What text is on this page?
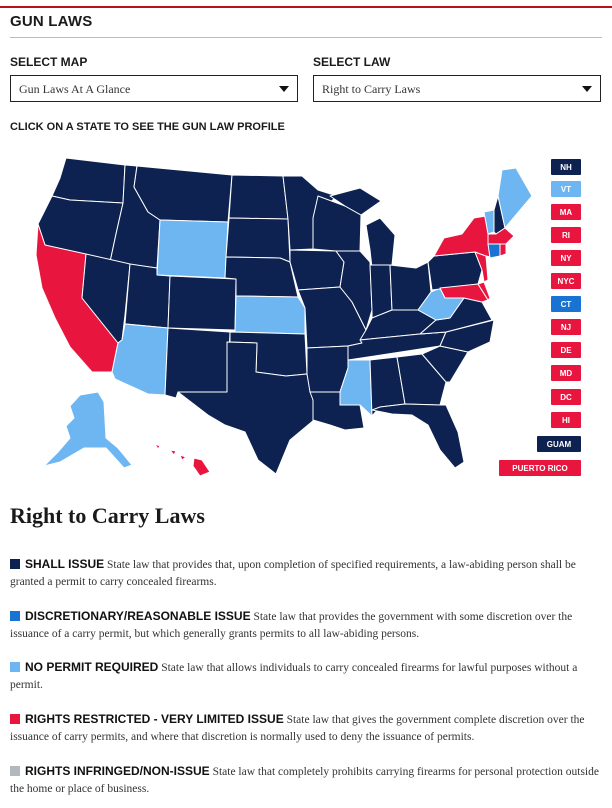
GUN LAWS
SELECT MAP
Gun Laws At A Glance
SELECT LAW
Right to Carry Laws
CLICK ON A STATE TO SEE THE GUN LAW PROFILE
NH
VT
MA
RI
NY
NYC
CT
NJ
DE
MD
DC
HI
GUAM
PUERTO RICO
Right to Carry Laws
SHALL ISSUE State law that provides that, upon completion of specified requirements, a law-abiding person shall be granted a permit to carry concealed firearms.
DISCRETIONARY/REASONABLE ISSUE State law that provides the government with some discretion over the issuance of a carry permit, but which generally grants permits to all law-abiding persons.
NO PERMIT REQUIRED State law that allows individuals to carry concealed firearms for lawful purposes without a permit.
RIGHTS RESTRICTED - VERY LIMITED ISSUE State law that gives the government complete discretion over the issuance of carry permits, and where that discretion is normally used to deny the issuance of permits.
RIGHTS INFRINGED/NON-ISSUE State law that completely prohibits carrying firearms for personal protection outside the home or place of business.
